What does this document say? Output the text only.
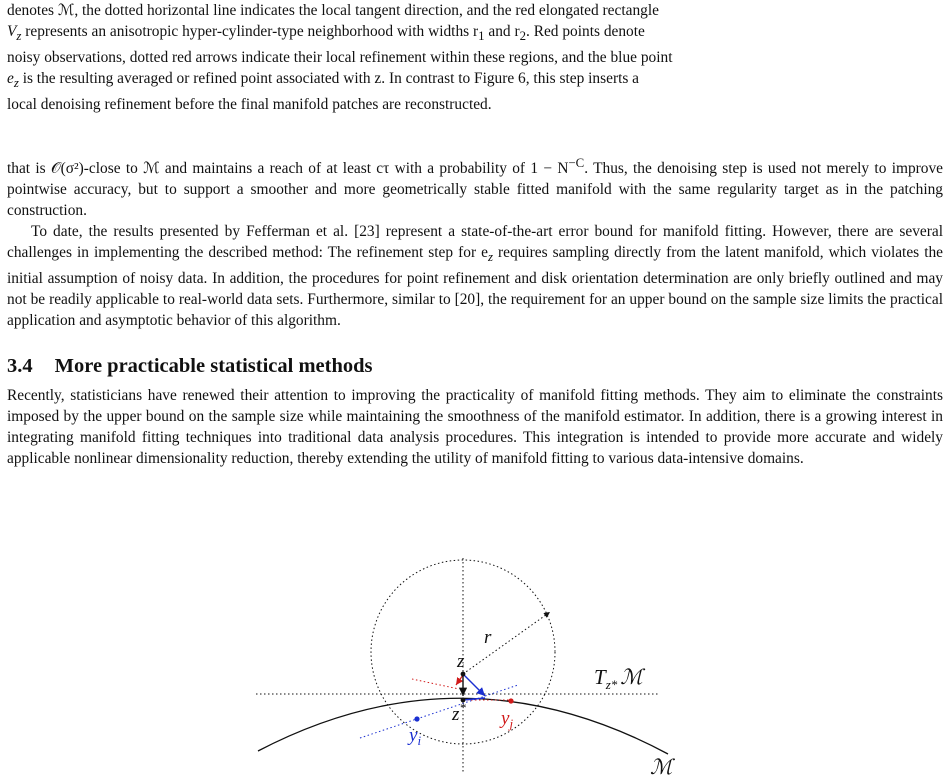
denotes ℳ, the dotted horizontal line indicates the local tangent direction, and the red elongated rectangle

$V_z$ represents an anisotropic hyper-cylinder-type neighborhood with widths $r_1$ and $r_2$. Red points denote

noisy observations, dotted red arrows indicate their local refinement within these regions, and the blue point

$e_z$ is the resulting averaged or refined point associated with z. In contrast to Figure 6, this step inserts a

local denoising refinement before the final manifold patches are reconstructed.

that is 𝒪(σ²)-close to ℳ and maintains a reach of at least cτ with a probability of $1 - N^{-C}$. Thus, the denoising step is used not merely to improve pointwise accuracy, but to support a smoother and more geometrically stable fitted manifold with the same regularity target as in the patching construction.

To date, the results presented by Fefferman et al. [23] represent a state-of-the-art error bound for manifold fitting. However, there are several challenges in implementing the described method: The refinement step for $e_z$ requires sampling directly from the latent manifold, which violates the initial assumption of noisy data. In addition, the procedures for point refinement and disk orientation determination are only briefly outlined and may not be readily applicable to real-world data sets. Furthermore, similar to [20], the requirement for an upper bound on the sample size limits the practical application and asymptotic behavior of this algorithm.

3.4 More practicable statistical methods

Recently, statisticians have renewed their attention to improving the practicality of manifold fitting methods. They aim to eliminate the constraints imposed by the upper bound on the sample size while maintaining the smoothness of the manifold estimator. In addition, there is a growing interest in integrating manifold fitting techniques into traditional data analysis procedures. This integration is intended to provide more accurate and widely applicable nonlinear dimensionality reduction, thereby extending the utility of manifold fitting to various data-intensive domains.

z
r
z*
$y_j$
$y_i$
$T_{z*}$ ℳ
ℳ
